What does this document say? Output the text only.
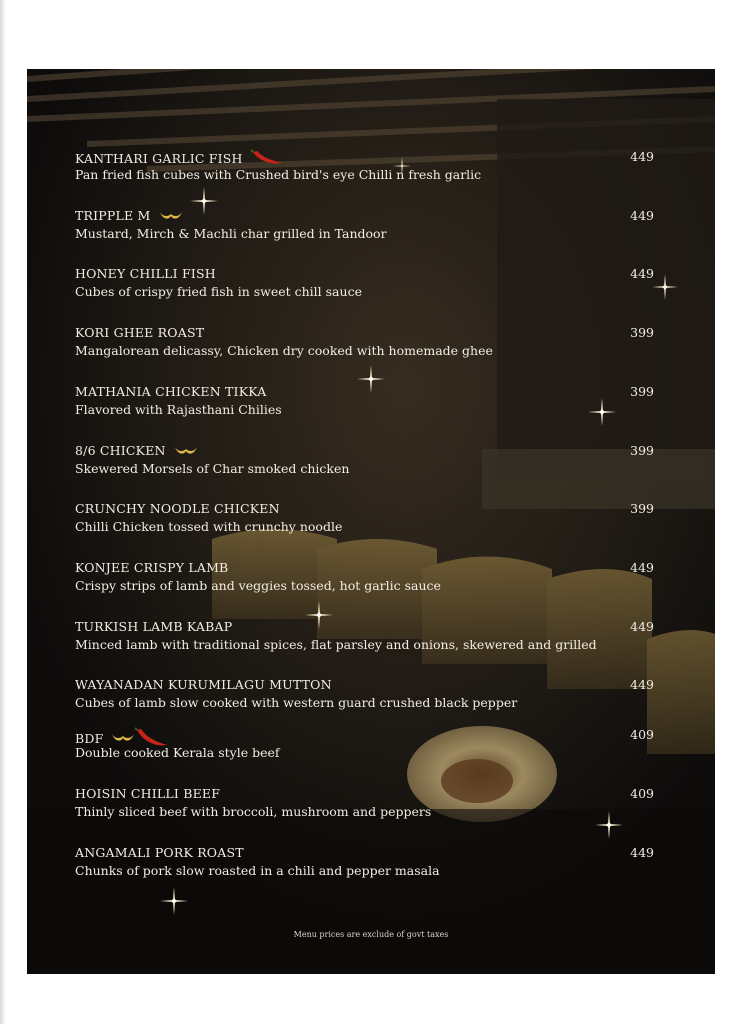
KANTHARI GARLIC FISH
Pan fried fish cubes with Crushed bird's eye Chilli n fresh garlic
449
TRIPPLE M
Mustard, Mirch & Machli char grilled in Tandoor
449
HONEY CHILLI FISH
Cubes of crispy fried fish in sweet chill sauce
449
KORI GHEE ROAST
Mangalorean delicassy, Chicken dry cooked with homemade ghee
399
MATHANIA CHICKEN TIKKA
Flavored with Rajasthani Chilies
399
8/6 CHICKEN
Skewered Morsels of Char smoked chicken
399
CRUNCHY NOODLE CHICKEN
Chilli Chicken tossed with crunchy noodle
399
KONJEE CRISPY LAMB
Crispy strips of lamb and veggies tossed, hot garlic sauce
449
TURKISH LAMB KABAP
Minced lamb with traditional spices, flat parsley and onions, skewered and grilled
449
WAYANADAN KURUMILAGU MUTTON
Cubes of lamb slow cooked with western guard crushed black pepper
449
BDF
Double cooked Kerala style beef
409
HOISIN CHILLI BEEF
Thinly sliced beef with broccoli, mushroom and peppers
409
ANGAMALI PORK ROAST
Chunks of pork slow roasted in a chili and pepper masala
449
Menu prices are exclude of govt taxes
